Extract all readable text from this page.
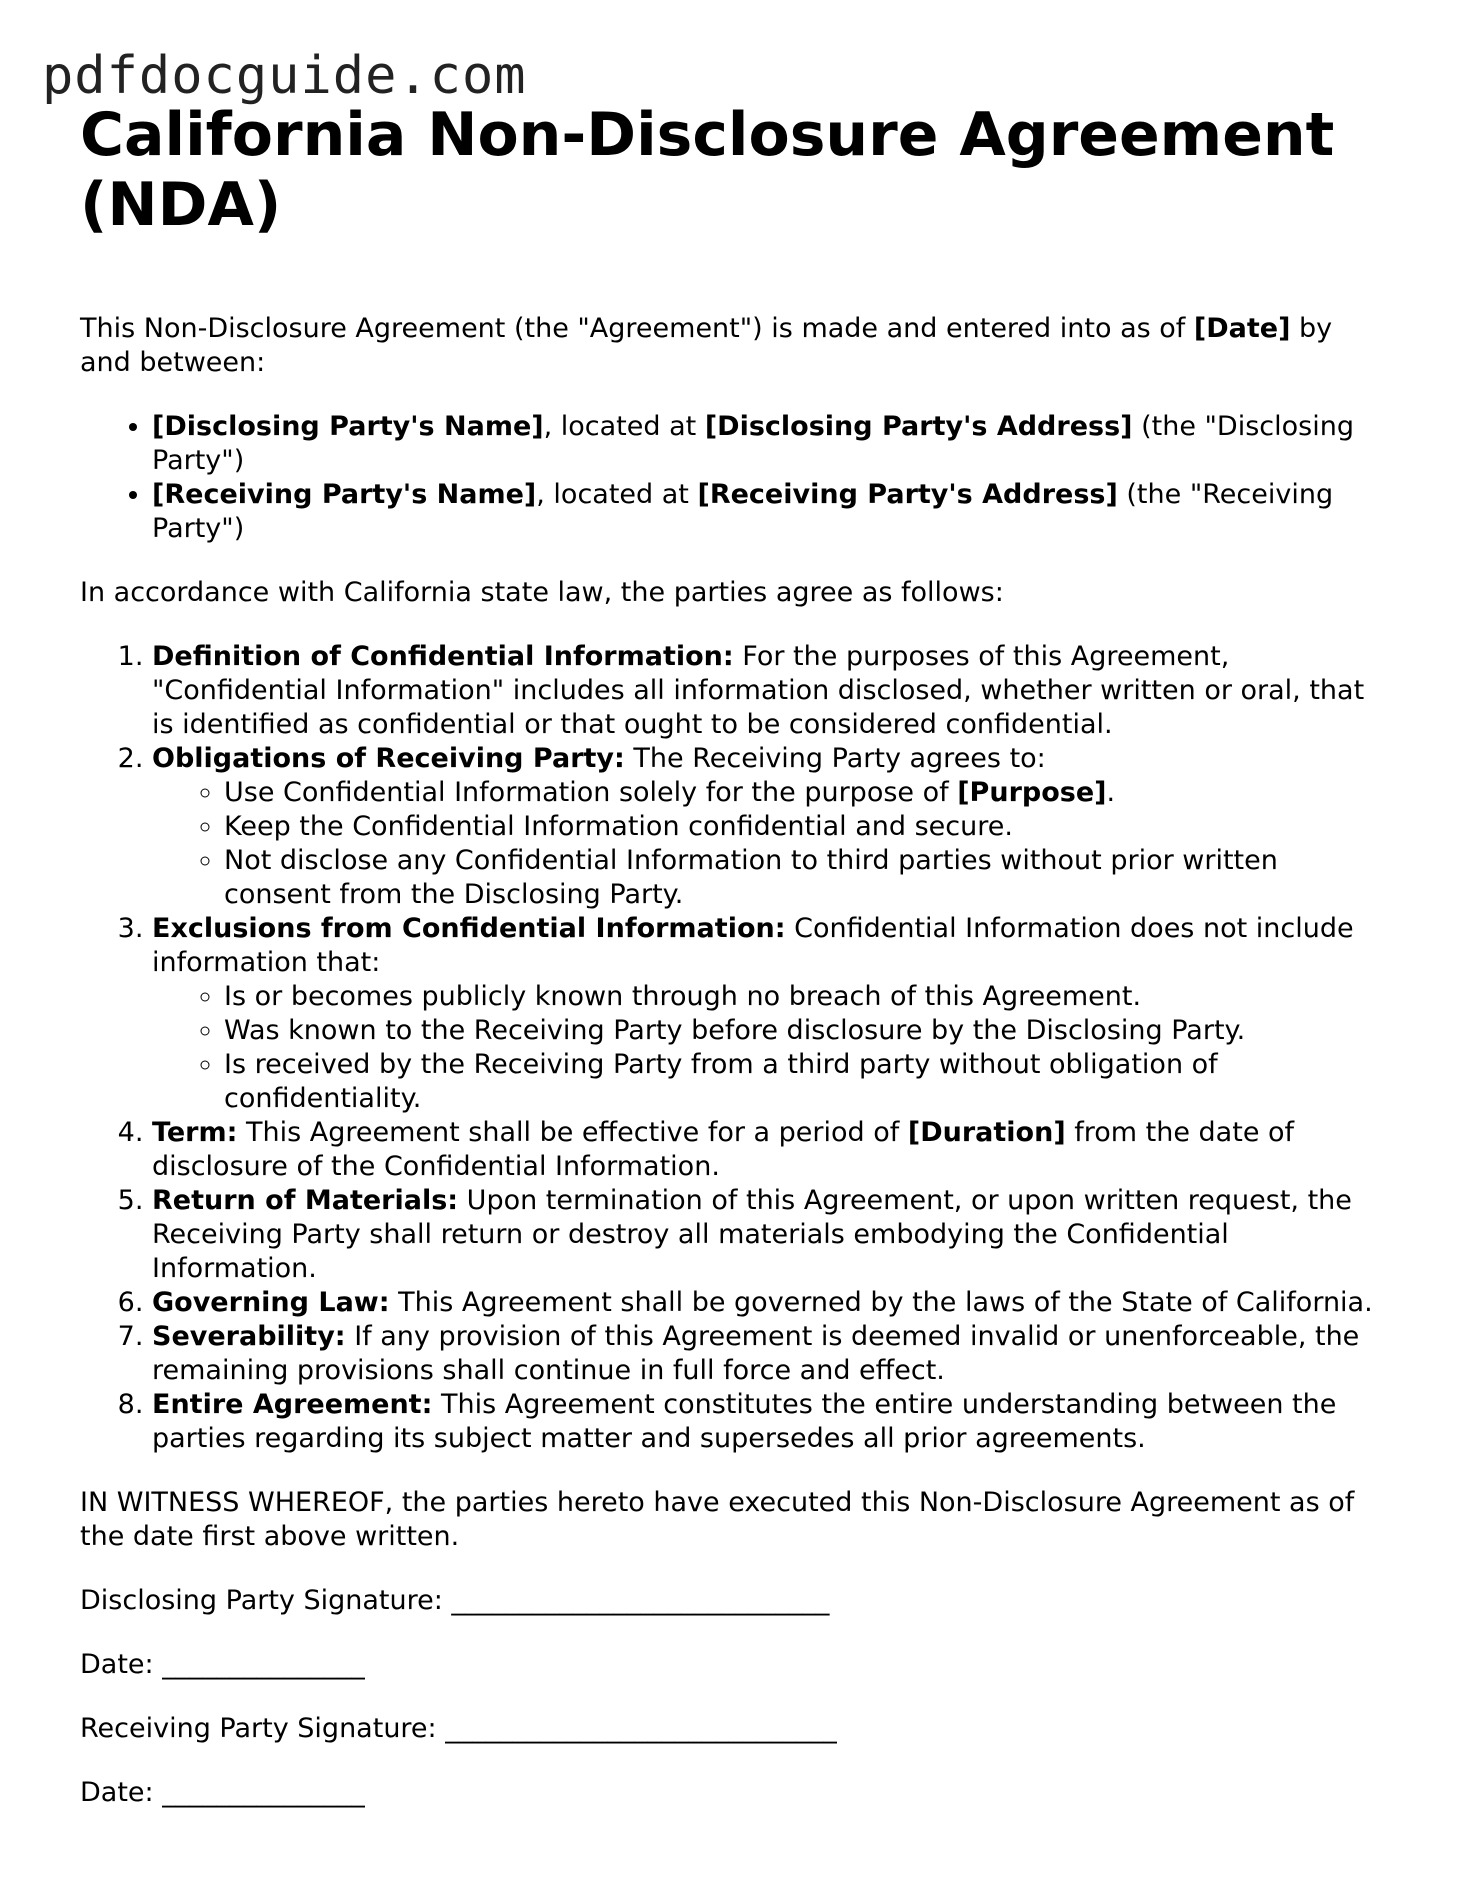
pdfdocguide.com
California Non-Disclosure Agreement (NDA)

This Non-Disclosure Agreement (the "Agreement") is made and entered into as of [Date] by and between:

• [Disclosing Party's Name], located at [Disclosing Party's Address] (the "Disclosing Party")
• [Receiving Party's Name], located at [Receiving Party's Address] (the "Receiving Party")

In accordance with California state law, the parties agree as follows:

1. Definition of Confidential Information: For the purposes of this Agreement, "Confidential Information" includes all information disclosed, whether written or oral, that is identified as confidential or that ought to be considered confidential.
2. Obligations of Receiving Party: The Receiving Party agrees to:
◦ Use Confidential Information solely for the purpose of [Purpose].
◦ Keep the Confidential Information confidential and secure.
◦ Not disclose any Confidential Information to third parties without prior written consent from the Disclosing Party.
3. Exclusions from Confidential Information: Confidential Information does not include information that:
◦ Is or becomes publicly known through no breach of this Agreement.
◦ Was known to the Receiving Party before disclosure by the Disclosing Party.
◦ Is received by the Receiving Party from a third party without obligation of confidentiality.
4. Term: This Agreement shall be effective for a period of [Duration] from the date of disclosure of the Confidential Information.
5. Return of Materials: Upon termination of this Agreement, or upon written request, the Receiving Party shall return or destroy all materials embodying the Confidential Information.
6. Governing Law: This Agreement shall be governed by the laws of the State of California.
7. Severability: If any provision of this Agreement is deemed invalid or unenforceable, the remaining provisions shall continue in full force and effect.
8. Entire Agreement: This Agreement constitutes the entire understanding between the parties regarding its subject matter and supersedes all prior agreements.

IN WITNESS WHEREOF, the parties hereto have executed this Non-Disclosure Agreement as of the date first above written.

Disclosing Party Signature: ____________________________

Date: _______________

Receiving Party Signature: _____________________________

Date: _______________
